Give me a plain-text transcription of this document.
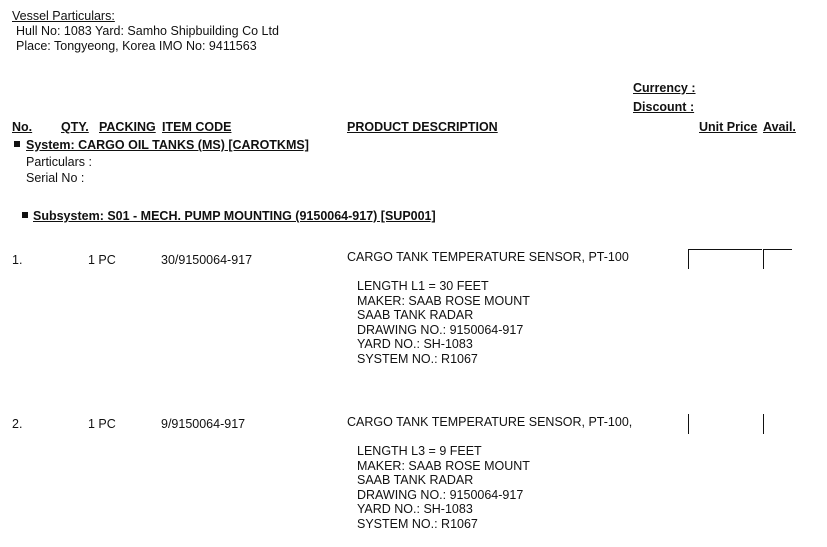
Vessel Particulars:
Hull No: 1083 Yard: Samho Shipbuilding Co Ltd
Place: Tongyeong, Korea IMO No: 9411563
Currency :
Discount :
No. QTY. PACKING ITEM CODE	PRODUCT DESCRIPTION	Unit Price Avail.
System: CARGO OIL TANKS (MS) [CAROTKMS]
Particulars :
Serial No :
Subsystem: S01 - MECH. PUMP MOUNTING (9150064-917) [SUP001]
1.	1 PC	30/9150064-917	CARGO TANK TEMPERATURE SENSOR, PT-100
LENGTH L1 = 30 FEET
MAKER: SAAB ROSE MOUNT
SAAB TANK RADAR
DRAWING NO.: 9150064-917
YARD NO.: SH-1083
SYSTEM NO.: R1067
2.	1 PC	9/9150064-917	CARGO TANK TEMPERATURE SENSOR, PT-100,
LENGTH L3 = 9 FEET
MAKER: SAAB ROSE MOUNT
SAAB TANK RADAR
DRAWING NO.: 9150064-917
YARD NO.: SH-1083
SYSTEM NO.: R1067
